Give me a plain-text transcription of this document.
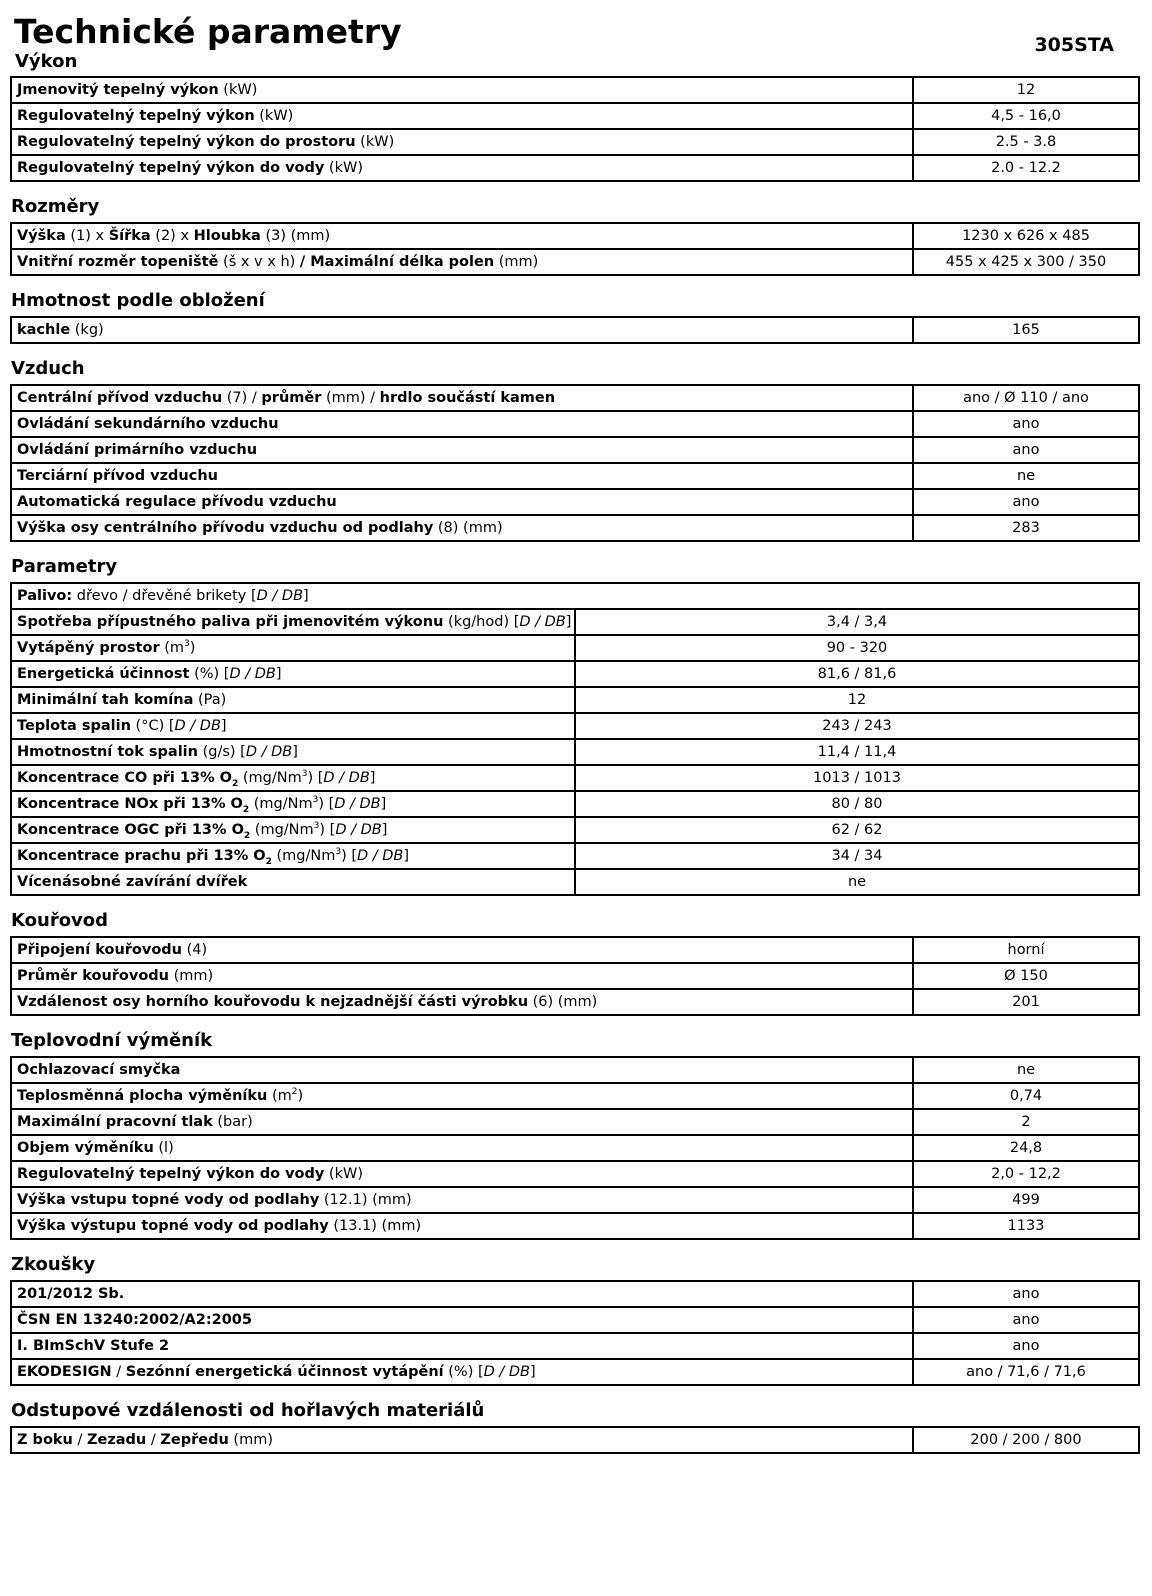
Technické parametry	305STA
Výkon
Jmenovitý tepelný výkon (kW)	12
Regulovatelný tepelný výkon (kW)	4,5 - 16,0
Regulovatelný tepelný výkon do prostoru (kW)	2.5 - 3.8
Regulovatelný tepelný výkon do vody (kW)	2.0 - 12.2
Rozměry
Výška (1) x Šířka (2) x Hloubka (3) (mm)	1230 x 626 x 485
Vnitřní rozměr topeniště (š x v x h) / Maximální délka polen (mm)	455 x 425 x 300 / 350
Hmotnost podle obložení
kachle (kg)	165
Vzduch
Centrální přívod vzduchu (7) / průměr (mm) / hrdlo součástí kamen	ano / Ø 110 / ano
Ovládání sekundárního vzduchu	ano
Ovládání primárního vzduchu	ano
Terciární přívod vzduchu	ne
Automatická regulace přívodu vzduchu	ano
Výška osy centrálního přívodu vzduchu od podlahy (8) (mm)	283
Parametry
Palivo: dřevo / dřevěné brikety [D / DB]	
Spotřeba přípustného paliva při jmenovitém výkonu (kg/hod) [D / DB]	3,4 / 3,4
Vytápěný prostor $(m^3)$	90 - 320
Energetická účinnost (%) [D / DB]	81,6 / 81,6
Minimální tah komína (Pa)	12
Teplota spalin (°C) [D / DB]	243 / 243
Hmotnostní tok spalin (g/s) [D / DB]	11,4 / 11,4
Koncentrace CO při 13% $O_2$ (mg/Nm$^3$) [D / DB]	1013 / 1013
Koncentrace NOx při 13% $O_2$ (mg/Nm$^3$) [D / DB]	80 / 80
Koncentrace OGC při 13% $O_2$ (mg/Nm$^3$) [D / DB]	62 / 62
Koncentrace prachu při 13% $O_2$ (mg/Nm$^3$) [D / DB]	34 / 34
Vícenásobné zavírání dvířek	ne
Kouřovod
Připojení kouřovodu (4)	horní
Průměr kouřovodu (mm)	Ø 150
Vzdálenost osy horního kouřovodu k nejzadnější části výrobku (6) (mm)	201
Teplovodní výměník
Ochlazovací smyčka	ne
Teplosměnná plocha výměníku $(m^2)$	0,74
Maximální pracovní tlak (bar)	2
Objem výměníku (l)	24,8
Regulovatelný tepelný výkon do vody (kW)	2,0 - 12,2
Výška vstupu topné vody od podlahy (12.1) (mm)	499
Výška výstupu topné vody od podlahy (13.1) (mm)	1133
Zkoušky
201/2012 Sb.	ano
ČSN EN 13240:2002/A2:2005	ano
I. BImSchV Stufe 2	ano
EKODESIGN / Sezónní energetická účinnost vytápění (%) [D / DB]	ano / 71,6 / 71,6
Odstupové vzdálenosti od hořlavých materiálů
Z boku / Zezadu / Zepředu (mm)	200 / 200 / 800
